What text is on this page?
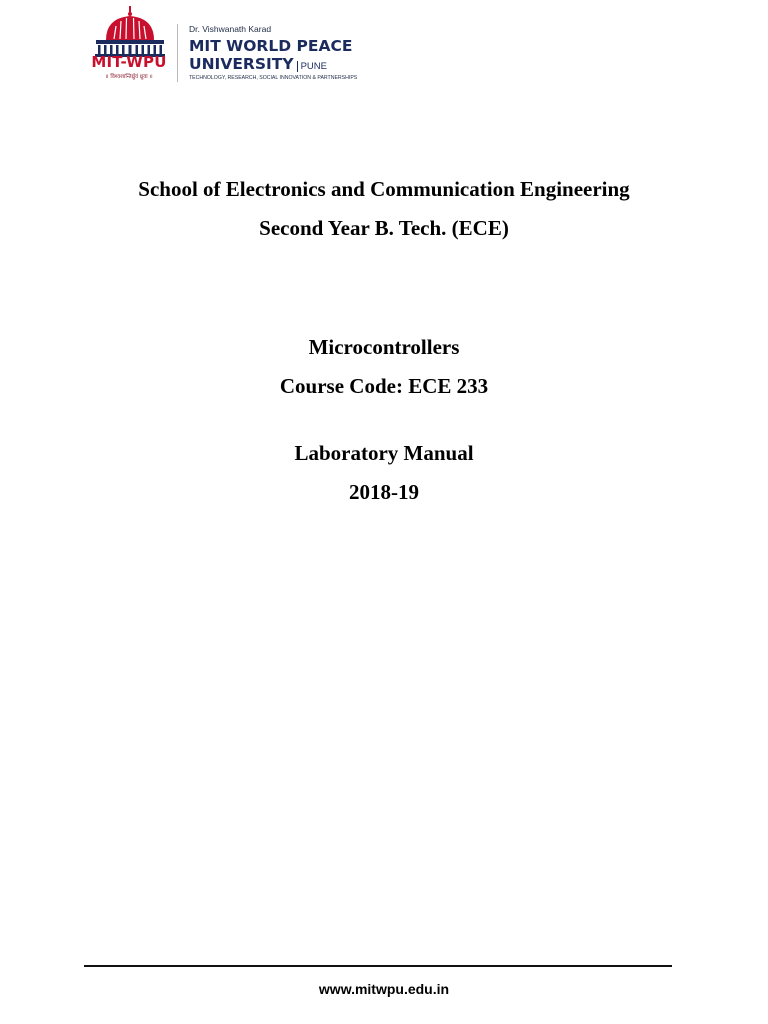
MIT-WPU
॥ विश्वशान्तिर्ध्रुवं ध्रुवा ॥
Dr. Vishwanath Karad
MIT WORLD PEACE
UNIVERSITY PUNE
TECHNOLOGY, RESEARCH, SOCIAL INNOVATION & PARTNERSHIPS
School of Electronics and Communication Engineering
Second Year B. Tech. (ECE)
Microcontrollers
Course Code: ECE 233
Laboratory Manual
2018-19
www.mitwpu.edu.in
